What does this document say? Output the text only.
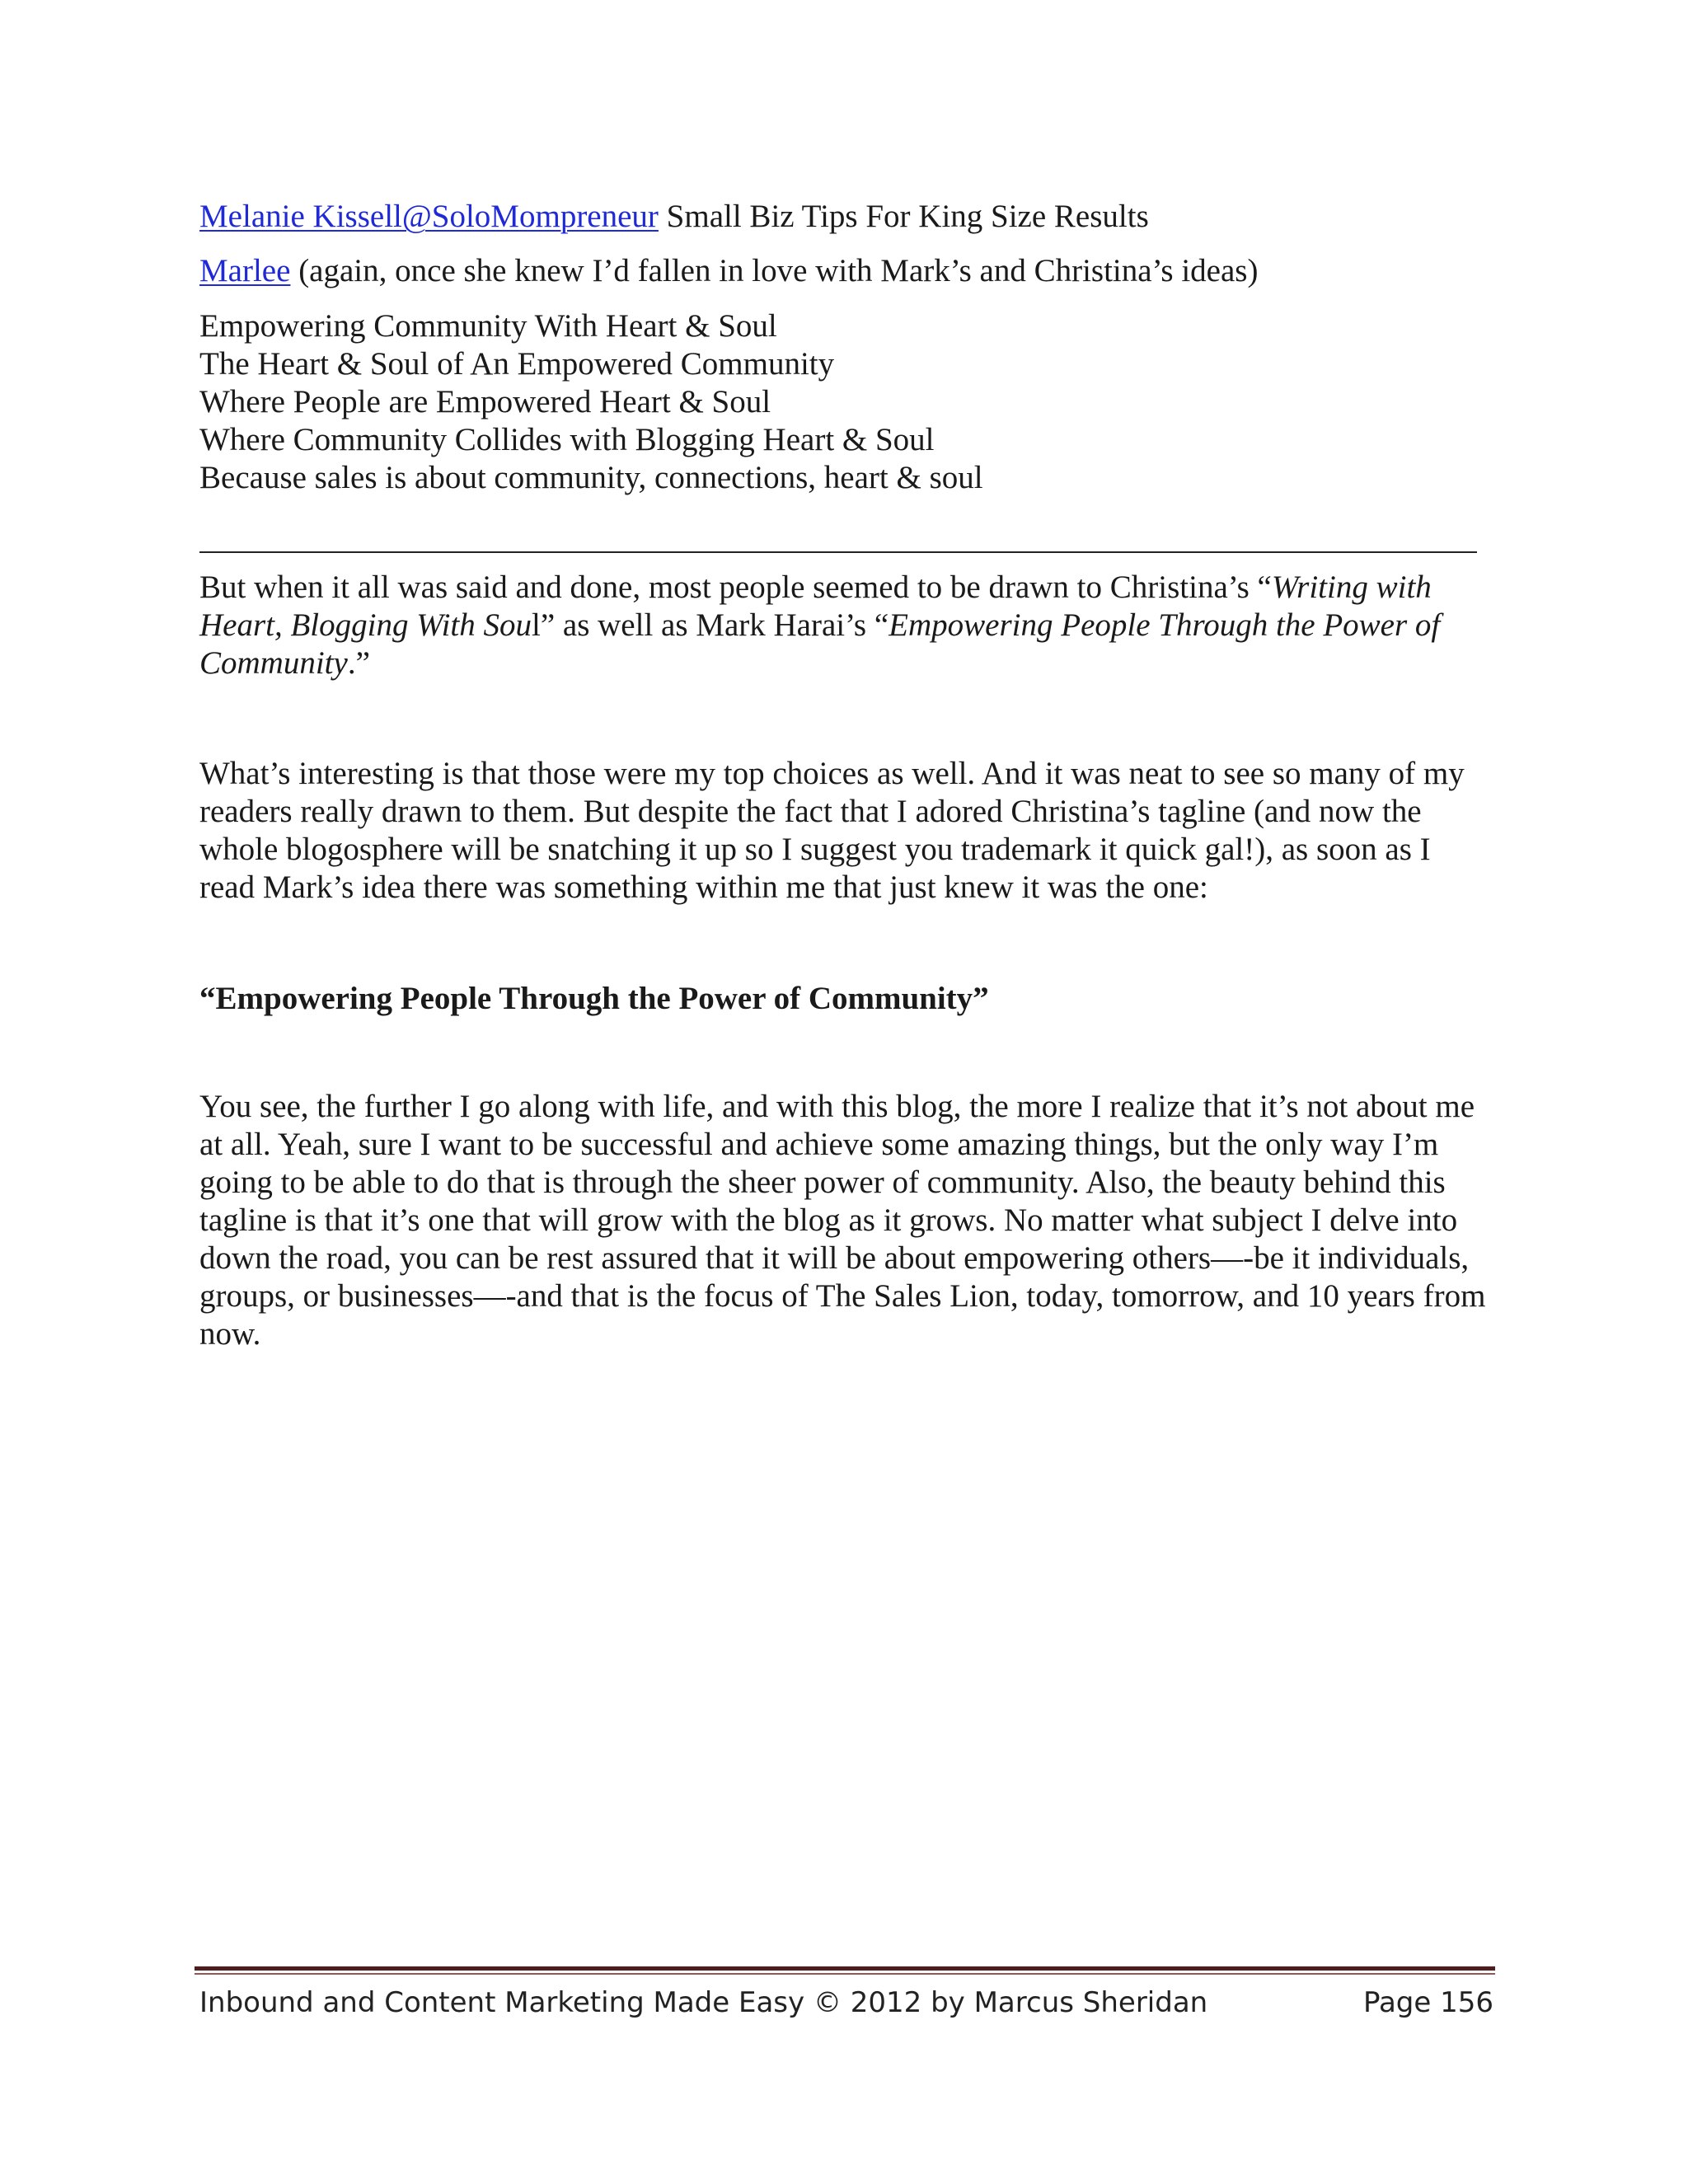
Melanie Kissell@SoloMompreneur Small Biz Tips For King Size Results
Marlee (again, once she knew I’d fallen in love with Mark’s and Christina’s ideas)
Empowering Community With Heart & Soul
The Heart & Soul of An Empowered Community
Where People are Empowered Heart & Soul
Where Community Collides with Blogging Heart & Soul
Because sales is about community, connections, heart & soul
But when it all was said and done, most people seemed to be drawn to Christina’s “Writing with Heart, Blogging With Soul” as well as Mark Harai’s “Empowering People Through the Power of Community.”
What’s interesting is that those were my top choices as well. And it was neat to see so many of my readers really drawn to them. But despite the fact that I adored Christina’s tagline (and now the whole blogosphere will be snatching it up so I suggest you trademark it quick gal!), as soon as I read Mark’s idea there was something within me that just knew it was the one:
“Empowering People Through the Power of Community”
You see, the further I go along with life, and with this blog, the more I realize that it’s not about me at all. Yeah, sure I want to be successful and achieve some amazing things, but the only way I’m going to be able to do that is through the sheer power of community. Also, the beauty behind this tagline is that it’s one that will grow with the blog as it grows. No matter what subject I delve into down the road, you can be rest assured that it will be about empowering others—-be it individuals, groups, or businesses—-and that is the focus of The Sales Lion, today, tomorrow, and 10 years from now.
Inbound and Content Marketing Made Easy © 2012 by Marcus Sheridan	Page 156
